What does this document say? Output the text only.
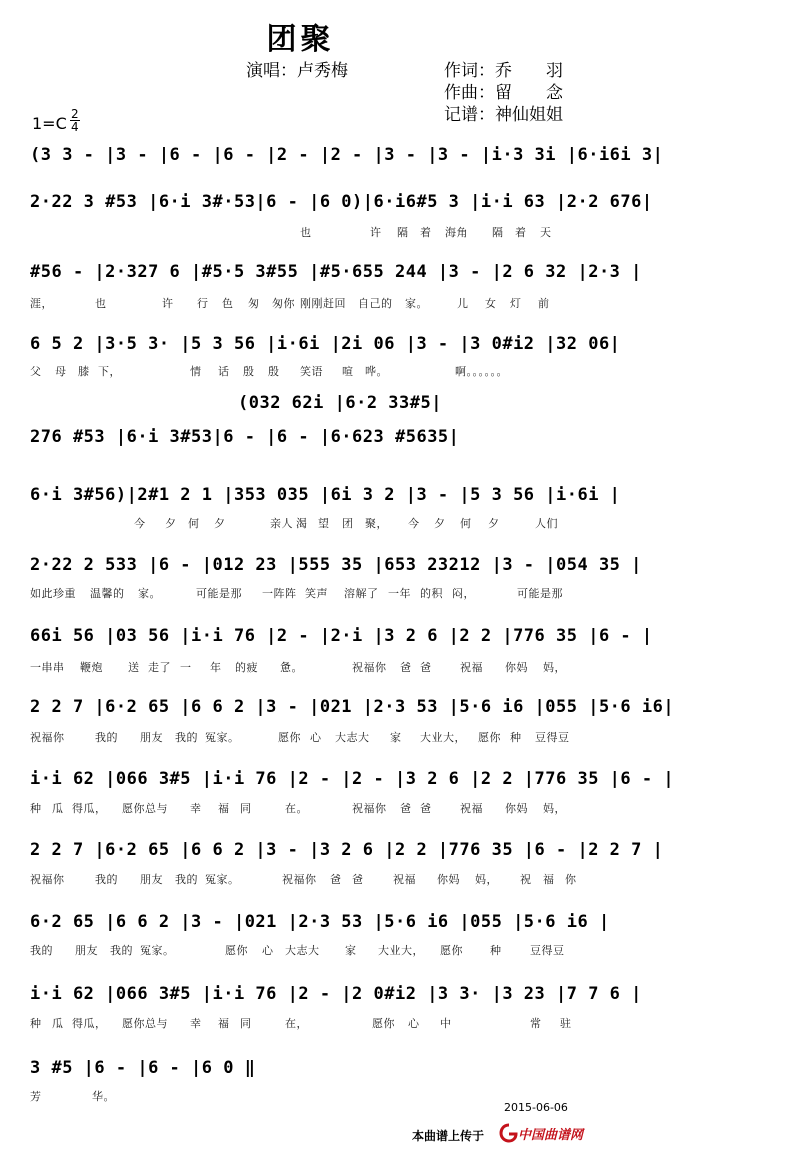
团聚
演唱：卢秀梅	作词：乔　　羽
作曲：留　　念
记谱：神仙姐姐
1=C 2
4
(3 3 - |3 - |6 - |6 - |2 - |2 - |3 - |3 - |i·3 3i |6·i6i 3|
2·22 3 #53 |6·i 3#·53|6 - |6 0)|6·i6#5 3 |i·i 63 |2·2 676|
也	许 隔 着 海角 隔 着 天
#56 - |2·327 6 |#5·5 3#55 |#5·655 244 |3 - |2 6 32 |2·3 |
涯，	也	许 行 色 匆 匆你 刚刚赶回 自己的 家。	儿 女 灯 前
6 5 2 |3·5 3· |5 3 56 |i·6i |2i 06 |3 - |3 0#i2 |32 06|
父 母 膝 下，	情 话 殷 殷 笑语 喧 哗。	啊。。。。。。
(032 62i |6·2 33#5|
276 #53 |6·i 3#53|6 - |6 - |6·623 #5635|
6·i 3#56)|2#1 2 1 |353 035 |6i 3 2 |3 - |5 3 56 |i·6i |
今 夕 何 夕	亲人 渴 望 团 聚， 今 夕 何 夕	人们
2·22 2 533 |6 - |012 23 |555 35 |653 23212 |3 - |054 35 |
如此珍重 温馨的 家。	可能是那 一阵阵 笑声 溶解了 一年 的积 闷，	可能是那
66i 56 |03 56 |i·i 76 |2 - |2·i |3 2 6 |2 2 |776 35 |6 - |
一串串 鞭炮 送 走了 一 年 的疲 惫。	祝福你 爸 爸	祝福 你妈 妈，
2 2 7 |6·2 65 |6 6 2 |3 - |021 |2·3 53 |5·6 i6 |055 |5·6 i6|
祝福你	我的 朋友 我的 冤家。	愿你 心 大志大 家 大业大， 愿你 种 豆得豆
i·i 62 |066 3#5 |i·i 76 |2 - |2 - |3 2 6 |2 2 |776 35 |6 - |
种 瓜 得瓜， 愿你总与 幸 福 同	在。	祝福你 爸 爸	祝福 你妈 妈，
2 2 7 |6·2 65 |6 6 2 |3 - |3 2 6 |2 2 |776 35 |6 - |2 2 7 |
祝福你	我的 朋友 我的 冤家。	祝福你 爸 爸	祝福 你妈 妈， 祝 福 你
6·2 65 |6 6 2 |3 - |021 |2·3 53 |5·6 i6 |055 |5·6 i6 |
我的 朋友 我的 冤家。	愿你 心 大志大 家 大业大， 愿你 种	豆得豆
i·i 62 |066 3#5 |i·i 76 |2 - |2 0#i2 |3 3· |3 23 |7 7 6 |
种 瓜 得瓜， 愿你总与 幸 福 同	在，	愿你 心 中	常 驻
3 #5 |6 - |6 - |6 0 ‖
芳	华。
2015-06-06
本曲谱上传于	中国曲谱网
